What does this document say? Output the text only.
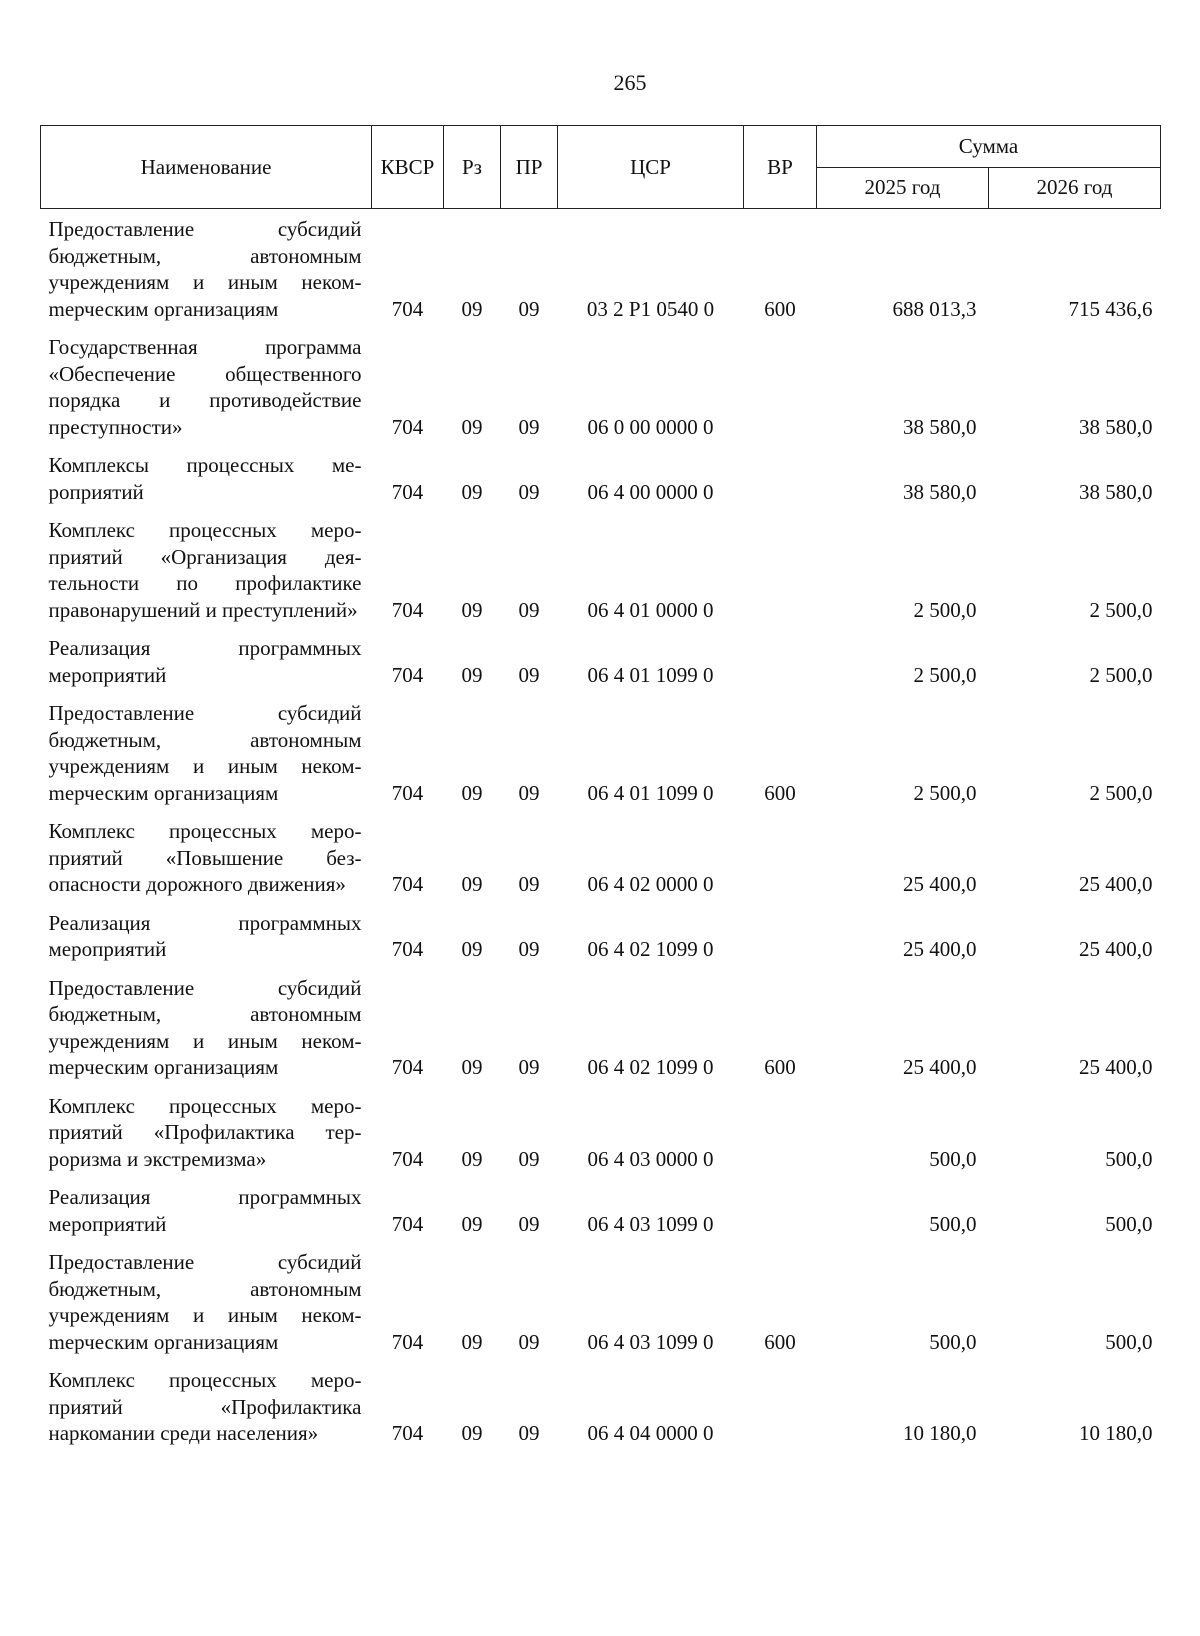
265
Наименование	КВСР	Рз	ПР	ЦСР	ВР	Сумма	
						2025 год	2026 год
Предоставление субсидий бюджетным, автономным учреждениям и иным некомmерческим организациям	704	09	09	03 2 Р1 0540 0	600	688 013,3	715 436,6
Государственная программа «Обеспечение общественного порядка и противодействие преступности»	704	09	09	06 0 00 0000 0		38 580,0	38 580,0
Комплексы процессных мероприятий	704	09	09	06 4 00 0000 0		38 580,0	38 580,0
Комплекс процессных мероприятий «Организация деятельности по профилактике правонарушений и преступлений»	704	09	09	06 4 01 0000 0		2 500,0	2 500,0
Реализация программных мероприятий	704	09	09	06 4 01 1099 0		2 500,0	2 500,0
Предоставление субсидий бюджетным, автономным учреждениям и иным некомmерческим организациям	704	09	09	06 4 01 1099 0	600	2 500,0	2 500,0
Комплекс процессных мероприятий «Повышение безопасности дорожного движения»	704	09	09	06 4 02 0000 0		25 400,0	25 400,0
Реализация программных мероприятий	704	09	09	06 4 02 1099 0		25 400,0	25 400,0
Предоставление субсидий бюджетным, автономным учреждениям и иным некомmерческим организациям	704	09	09	06 4 02 1099 0	600	25 400,0	25 400,0
Комплекс процессных мероприятий «Профилактика терроризма и экстремизма»	704	09	09	06 4 03 0000 0		500,0	500,0
Реализация программных мероприятий	704	09	09	06 4 03 1099 0		500,0	500,0
Предоставление субсидий бюджетным, автономным учреждениям и иным некомmерческим организациям	704	09	09	06 4 03 1099 0	600	500,0	500,0
Комплекс процессных мероприятий «Профилактика наркомании среди населения»	704	09	09	06 4 04 0000 0		10 180,0	10 180,0
